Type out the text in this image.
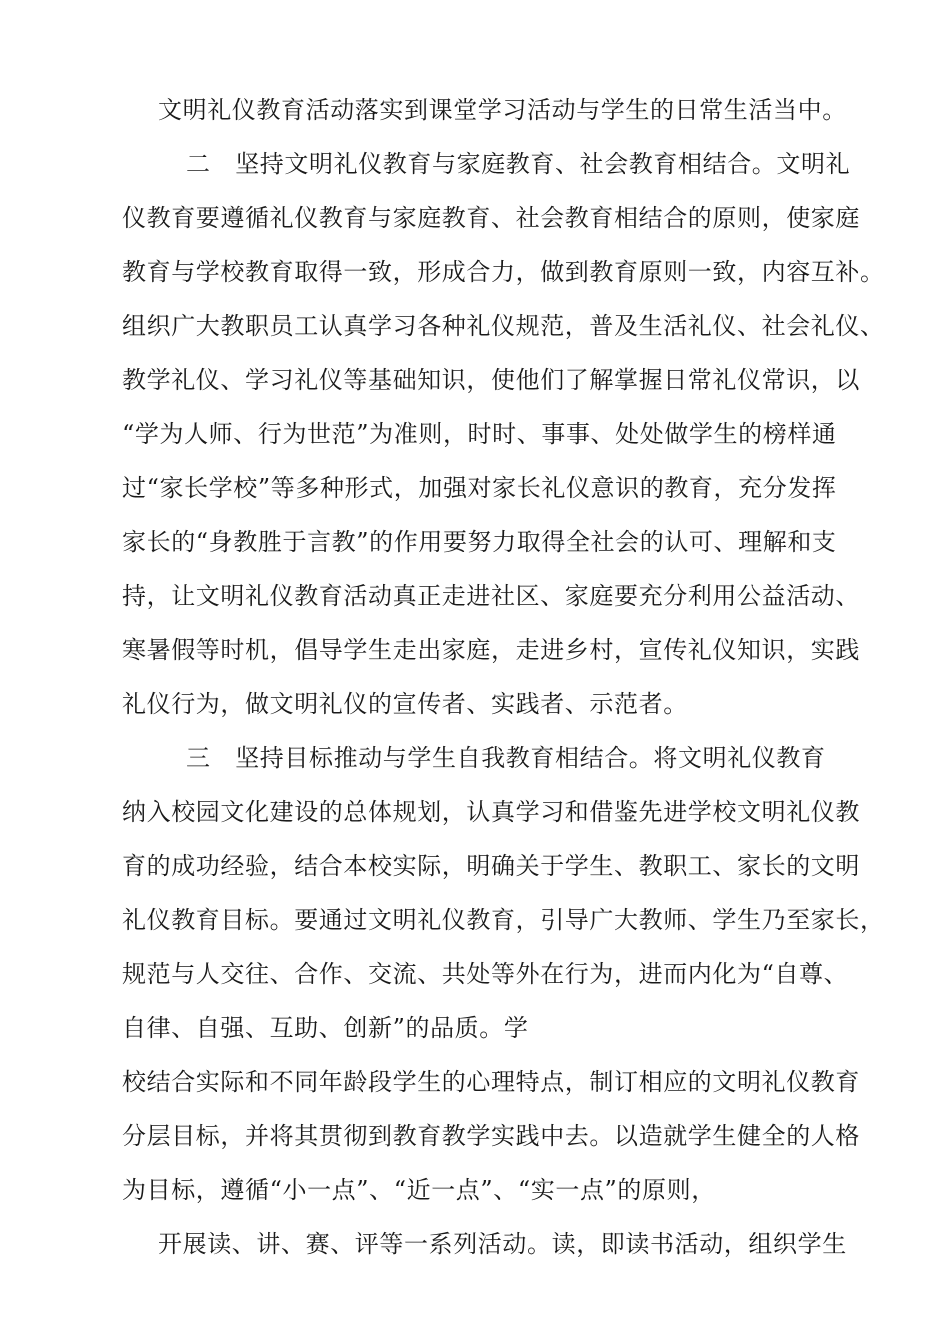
文明礼仪教育活动落实到课堂学习活动与学生的日常生活当中。
二　坚持文明礼仪教育与家庭教育、社会教育相结合。文明礼
仪教育要遵循礼仪教育与家庭教育、社会教育相结合的原则，使家庭
教育与学校教育取得一致，形成合力，做到教育原则一致，内容互补。
组织广大教职员工认真学习各种礼仪规范，普及生活礼仪、社会礼仪、
教学礼仪、学习礼仪等基础知识，使他们了解掌握日常礼仪常识，以
“学为人师、行为世范”为准则，时时、事事、处处做学生的榜样通
过“家长学校”等多种形式，加强对家长礼仪意识的教育，充分发挥
家长的“身教胜于言教”的作用要努力取得全社会的认可、理解和支
持，让文明礼仪教育活动真正走进社区、家庭要充分利用公益活动、
寒暑假等时机，倡导学生走出家庭，走进乡村，宣传礼仪知识，实践
礼仪行为，做文明礼仪的宣传者、实践者、示范者。
三　坚持目标推动与学生自我教育相结合。将文明礼仪教育
纳入校园文化建设的总体规划，认真学习和借鉴先进学校文明礼仪教
育的成功经验，结合本校实际，明确关于学生、教职工、家长的文明
礼仪教育目标。要通过文明礼仪教育，引导广大教师、学生乃至家长，
规范与人交往、合作、交流、共处等外在行为，进而内化为“自尊、
自律、自强、互助、创新”的品质。学
校结合实际和不同年龄段学生的心理特点，制订相应的文明礼仪教育
分层目标，并将其贯彻到教育教学实践中去。以造就学生健全的人格
为目标，遵循“小一点”、“近一点”、“实一点”的原则，
开展读、讲、赛、评等一系列活动。读，即读书活动，组织学生
